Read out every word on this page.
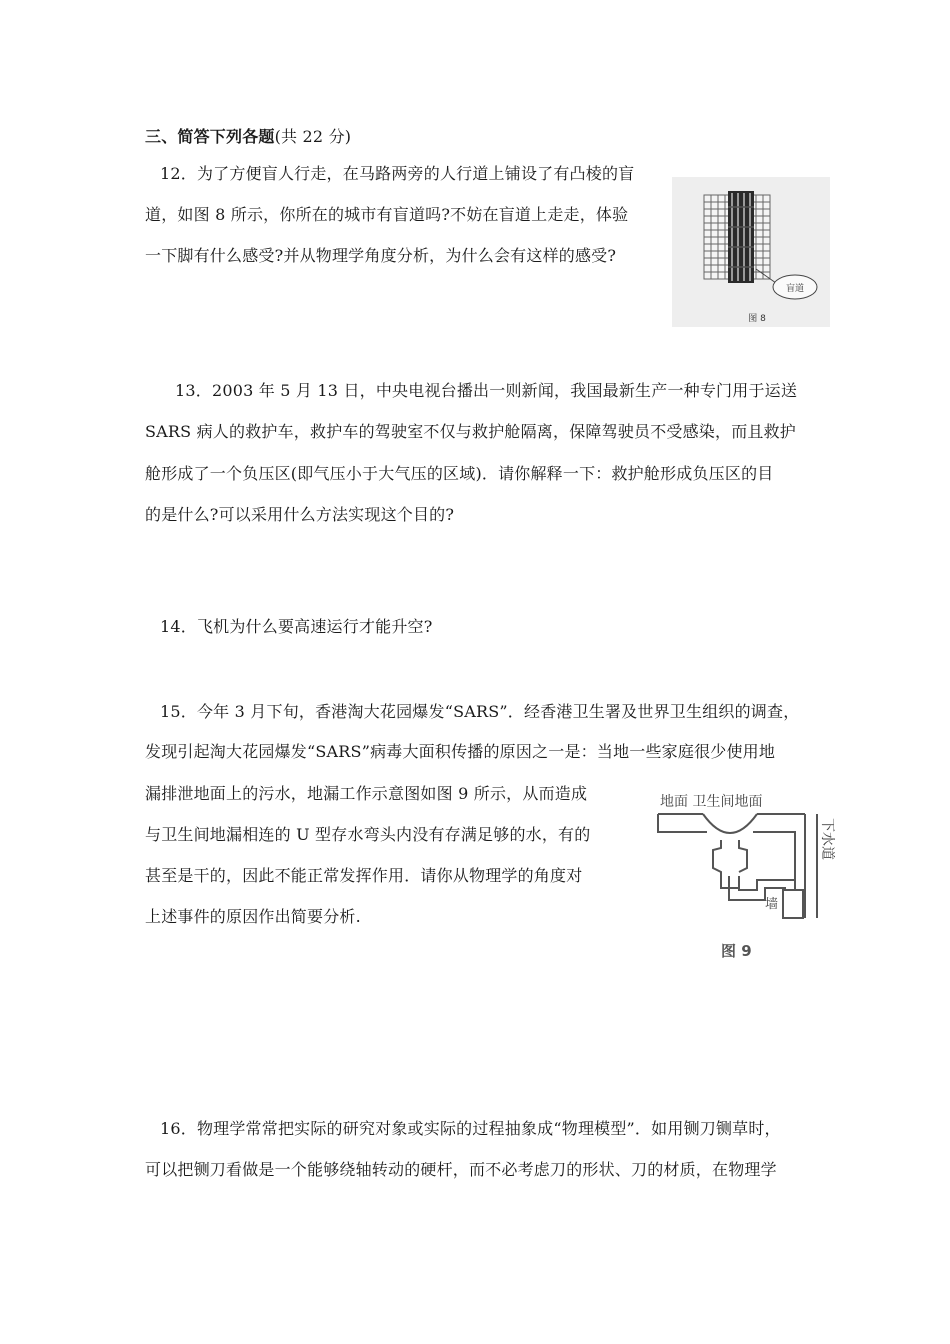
三、简答下列各题(共 22 分)
12．为了方便盲人行走，在马路两旁的人行道上铺设了有凸棱的盲
道，如图 8 所示，你所在的城市有盲道吗?不妨在盲道上走走，体验
一下脚有什么感受?并从物理学角度分析，为什么会有这样的感受?
盲道
图 8
13．2003 年 5 月 13 日，中央电视台播出一则新闻，我国最新生产一种专门用于运送
SARS 病人的救护车，救护车的驾驶室不仅与救护舱隔离，保障驾驶员不受感染，而且救护
舱形成了一个负压区(即气压小于大气压的区域)．请你解释一下：救护舱形成负压区的目
的是什么?可以采用什么方法实现这个目的?
14．飞机为什么要高速运行才能升空?
15．今年 3 月下旬，香港淘大花园爆发“SARS”．经香港卫生署及世界卫生组织的调查，
发现引起淘大花园爆发“SARS”病毒大面积传播的原因之一是：当地一些家庭很少使用地
漏排泄地面上的污水，地漏工作示意图如图 9 所示，从而造成
与卫生间地漏相连的 U 型存水弯头内没有存满足够的水，有的
甚至是干的，因此不能正常发挥作用．请你从物理学的角度对
上述事件的原因作出简要分析.
地面 卫生间地面
下水道
墙
图 9
16．物理学常常把实际的研究对象或实际的过程抽象成“物理模型”．如用铡刀铡草时，
可以把铡刀看做是一个能够绕轴转动的硬杆，而不必考虑刀的形状、刀的材质，在物理学
